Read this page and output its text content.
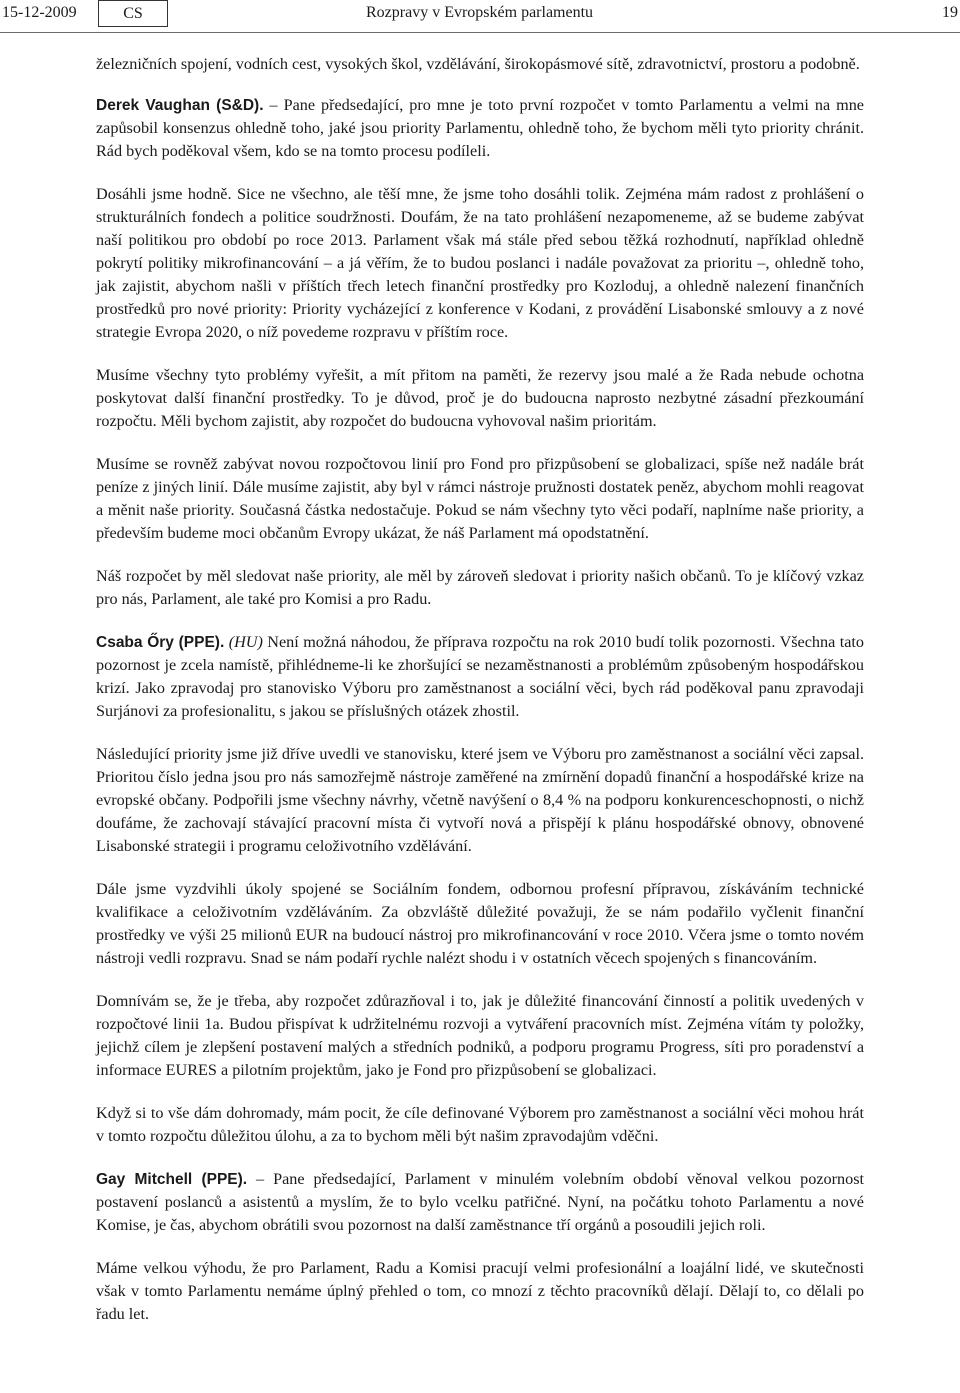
15-12-2009	CS	Rozpravy v Evropském parlamentu	19

železničních spojení, vodních cest, vysokých škol, vzdělávání, širokopásmové sítě, zdravotnictví, prostoru a podobně.

Derek Vaughan (S&D). – Pane předsedající, pro mne je toto první rozpočet v tomto Parlamentu a velmi na mne zapůsobil konsenzus ohledně toho, jaké jsou priority Parlamentu, ohledně toho, že bychom měli tyto priority chránit. Rád bych poděkoval všem, kdo se na tomto procesu podíleli.

Dosáhli jsme hodně. Sice ne všechno, ale těší mne, že jsme toho dosáhli tolik. Zejména mám radost z prohlášení o strukturálních fondech a politice soudržnosti. Doufám, že na tato prohlášení nezapomeneme, až se budeme zabývat naší politikou pro období po roce 2013. Parlament však má stále před sebou těžká rozhodnutí, například ohledně pokrytí politiky mikrofinancování – a já věřím, že to budou poslanci i nadále považovat za prioritu –, ohledně toho, jak zajistit, abychom našli v příštích třech letech finanční prostředky pro Kozloduj, a ohledně nalezení finančních prostředků pro nové priority: Priority vycházející z konference v Kodani, z provádění Lisabonské smlouvy a z nové strategie Evropa 2020, o níž povedeme rozpravu v příštím roce.

Musíme všechny tyto problémy vyřešit, a mít přitom na paměti, že rezervy jsou malé a že Rada nebude ochotna poskytovat další finanční prostředky. To je důvod, proč je do budoucna naprosto nezbytné zásadní přezkoumání rozpočtu. Měli bychom zajistit, aby rozpočet do budoucna vyhovoval našim prioritám.

Musíme se rovněž zabývat novou rozpočtovou linií pro Fond pro přizpůsobení se globalizaci, spíše než nadále brát peníze z jiných linií. Dále musíme zajistit, aby byl v rámci nástroje pružnosti dostatek peněz, abychom mohli reagovat a měnit naše priority. Současná částka nedostačuje. Pokud se nám všechny tyto věci podaří, naplníme naše priority, a především budeme moci občanům Evropy ukázat, že náš Parlament má opodstatnění.

Náš rozpočet by měl sledovat naše priority, ale měl by zároveň sledovat i priority našich občanů. To je klíčový vzkaz pro nás, Parlament, ale také pro Komisi a pro Radu.

Csaba Őry (PPE). (HU) Není možná náhodou, že příprava rozpočtu na rok 2010 budí tolik pozornosti. Všechna tato pozornost je zcela namístě, přihlédneme-li ke zhoršující se nezaměstnanosti a problémům způsobeným hospodářskou krizí. Jako zpravodaj pro stanovisko Výboru pro zaměstnanost a sociální věci, bych rád poděkoval panu zpravodaji Surjánovi za profesionalitu, s jakou se příslušných otázek zhostil.

Následující priority jsme již dříve uvedli ve stanovisku, které jsem ve Výboru pro zaměstnanost a sociální věci zapsal. Prioritou číslo jedna jsou pro nás samozřejmě nástroje zaměřené na zmírnění dopadů finanční a hospodářské krize na evropské občany. Podpořili jsme všechny návrhy, včetně navýšení o 8,4 % na podporu konkurenceschopnosti, o nichž doufáme, že zachovají stávající pracovní místa či vytvoří nová a přispějí k plánu hospodářské obnovy, obnovené Lisabonské strategii i programu celoživotního vzdělávání.

Dále jsme vyzdvihli úkoly spojené se Sociálním fondem, odbornou profesní přípravou, získáváním technické kvalifikace a celoživotním vzděláváním. Za obzvláště důležité považuji, že se nám podařilo vyčlenit finanční prostředky ve výši 25 milionů EUR na budoucí nástroj pro mikrofinancování v roce 2010. Včera jsme o tomto novém nástroji vedli rozpravu. Snad se nám podaří rychle nalézt shodu i v ostatních věcech spojených s financováním.

Domnívám se, že je třeba, aby rozpočet zdůrazňoval i to, jak je důležité financování činností a politik uvedených v rozpočtové linii 1a. Budou přispívat k udržitelnému rozvoji a vytváření pracovních míst. Zejména vítám ty položky, jejichž cílem je zlepšení postavení malých a středních podniků, a podporu programu Progress, síti pro poradenství a informace EURES a pilotním projektům, jako je Fond pro přizpůsobení se globalizaci.

Když si to vše dám dohromady, mám pocit, že cíle definované Výborem pro zaměstnanost a sociální věci mohou hrát v tomto rozpočtu důležitou úlohu, a za to bychom měli být našim zpravodajům vděčni.

Gay Mitchell (PPE). – Pane předsedající, Parlament v minulém volebním období věnoval velkou pozornost postavení poslanců a asistentů a myslím, že to bylo vcelku patřičné. Nyní, na počátku tohoto Parlamentu a nové Komise, je čas, abychom obrátili svou pozornost na další zaměstnance tří orgánů a posoudili jejich roli.

Máme velkou výhodu, že pro Parlament, Radu a Komisi pracují velmi profesionální a loajální lidé, ve skutečnosti však v tomto Parlamentu nemáme úplný přehled o tom, co mnozí z těchto pracovníků dělají. Dělají to, co dělali po řadu let.
